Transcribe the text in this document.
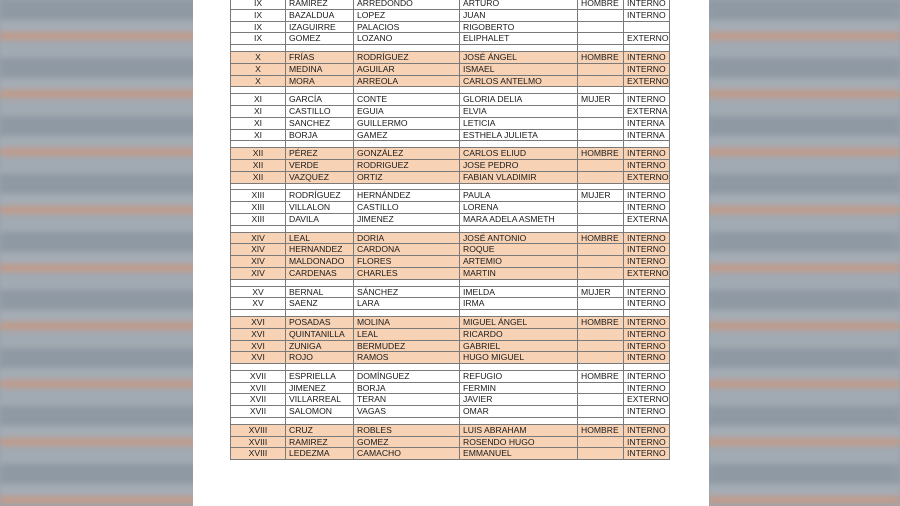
IX	RAMIREZ	ARREDONDO	ARTURO	HOMBRE	INTERNO
IX	BAZALDUA	LOPEZ	JUAN		INTERNO
IX	IZAGUIRRE	PALACIOS	RIGOBERTO		
IX	GOMEZ	LOZANO	ELIPHALET		EXTERNO

X	FRÍAS	RODRÍGUEZ	JOSÉ ÁNGEL	HOMBRE	INTERNO
X	MEDINA	AGUILAR	ISMAEL		INTERNO
X	MORA	ARREOLA	CARLOS ANTELMO		EXTERNO

XI	GARCÍA	CONTE	GLORIA DELIA	MUJER	INTERNO
XI	CASTILLO	EGUIA	ELVIA		EXTERNA
XI	SANCHEZ	GUILLERMO	LETICIA		INTERNA
XI	BORJA	GAMEZ	ESTHELA JULIETA		INTERNA

XII	PÉREZ	GONZÁLEZ	CARLOS ELIUD	HOMBRE	INTERNO
XII	VERDE	RODRIGUEZ	JOSE PEDRO		INTERNO
XII	VAZQUEZ	ORTIZ	FABIAN VLADIMIR		EXTERNO

XIII	RODRÍGUEZ	HERNÁNDEZ	PAULA	MUJER	INTERNO
XIII	VILLALON	CASTILLO	LORENA		INTERNO
XIII	DAVILA	JIMENEZ	MARA ADELA ASMETH		EXTERNA

XIV	LEAL	DORIA	JOSÉ ANTONIO	HOMBRE	INTERNO
XIV	HERNANDEZ	CARDONA	ROQUE		INTERNO
XIV	MALDONADO	FLORES	ARTEMIO		INTERNO
XIV	CARDENAS	CHARLES	MARTIN		EXTERNO

XV	BERNAL	SÁNCHEZ	IMELDA	MUJER	INTERNO
XV	SAENZ	LARA	IRMA		INTERNO

XVI	POSADAS	MOLINA	MIGUEL ÁNGEL	HOMBRE	INTERNO
XVI	QUINTANILLA	LEAL	RICARDO		INTERNO
XVI	ZUNIGA	BERMUDEZ	GABRIEL		INTERNO
XVI	ROJO	RAMOS	HUGO MIGUEL		INTERNO

XVII	ESPRIELLA	DOMÍNGUEZ	REFUGIO	HOMBRE	INTERNO
XVII	JIMENEZ	BORJA	FERMIN		INTERNO
XVII	VILLARREAL	TERAN	JAVIER		EXTERNO
XVII	SALOMON	VAGAS	OMAR		INTERNO

XVIII	CRUZ	ROBLES	LUIS ABRAHAM	HOMBRE	INTERNO
XVIII	RAMIREZ	GOMEZ	ROSENDO HUGO		INTERNO
XVIII	LEDEZMA	CAMACHO	EMMANUEL		INTERNO
